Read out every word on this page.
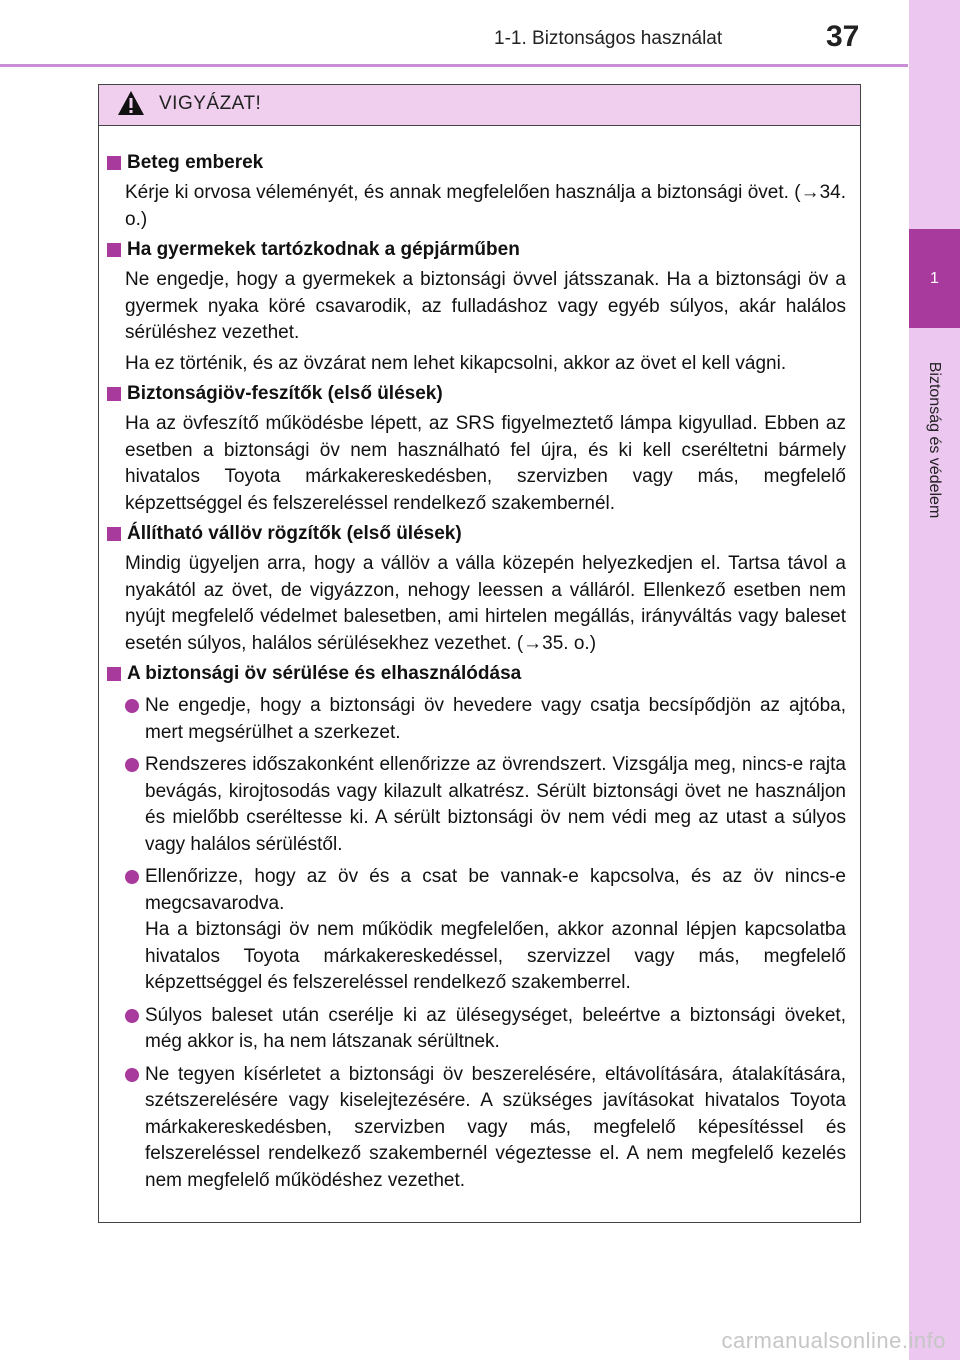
1-1. Biztonságos használat	37
1
Biztonság és védelem
VIGYÁZAT!
Beteg emberek
Kérje ki orvosa véleményét, és annak megfelelően használja a biztonsági övet. (→34. o.)
Ha gyermekek tartózkodnak a gépjárműben
Ne engedje, hogy a gyermekek a biztonsági övvel játsszanak. Ha a biztonsági öv a gyermek nyaka köré csavarodik, az fulladáshoz vagy egyéb súlyos, akár halálos sérüléshez vezethet.
Ha ez történik, és az övzárat nem lehet kikapcsolni, akkor az övet el kell vágni.
Biztonságiöv-feszítők (első ülések)
Ha az övfeszítő működésbe lépett, az SRS figyelmeztető lámpa kigyullad. Ebben az esetben a biztonsági öv nem használható fel újra, és ki kell cseréltetni bármely hivatalos Toyota márkakereskedésben, szervizben vagy más, megfelelő képzettséggel és felszereléssel rendelkező szakembernél.
Állítható vállöv rögzítők (első ülések)
Mindig ügyeljen arra, hogy a vállöv a válla közepén helyezkedjen el. Tartsa távol a nyakától az övet, de vigyázzon, nehogy leessen a válláról. Ellenkező esetben nem nyújt megfelelő védelmet balesetben, ami hirtelen megállás, irányváltás vagy baleset esetén súlyos, halálos sérülésekhez vezethet. (→35. o.)
A biztonsági öv sérülése és elhasználódása
Ne engedje, hogy a biztonsági öv hevedere vagy csatja becsípődjön az ajtóba, mert megsérülhet a szerkezet.
Rendszeres időszakonként ellenőrizze az övrendszert. Vizsgálja meg, nincs-e rajta bevágás, kirojtosodás vagy kilazult alkatrész. Sérült biztonsági övet ne használjon és mielőbb cseréltesse ki. A sérült biztonsági öv nem védi meg az utast a súlyos vagy halálos sérüléstől.
Ellenőrizze, hogy az öv és a csat be vannak-e kapcsolva, és az öv nincs-e megcsavarodva.
Ha a biztonsági öv nem működik megfelelően, akkor azonnal lépjen kapcsolatba hivatalos Toyota márkakereskedéssel, szervizzel vagy más, megfelelő képzettséggel és felszereléssel rendelkező szakemberrel.
Súlyos baleset után cserélje ki az ülésegységet, beleértve a biztonsági öveket, még akkor is, ha nem látszanak sérültnek.
Ne tegyen kísérletet a biztonsági öv beszerelésére, eltávolítására, átalakítására, szétszerelésére vagy kiselejtezésére. A szükséges javításokat hivatalos Toyota márkakereskedésben, szervizben vagy más, megfelelő képesítéssel és felszereléssel rendelkező szakembernél végeztesse el. A nem megfelelő kezelés nem megfelelő működéshez vezethet.
carmanualsonline.info
